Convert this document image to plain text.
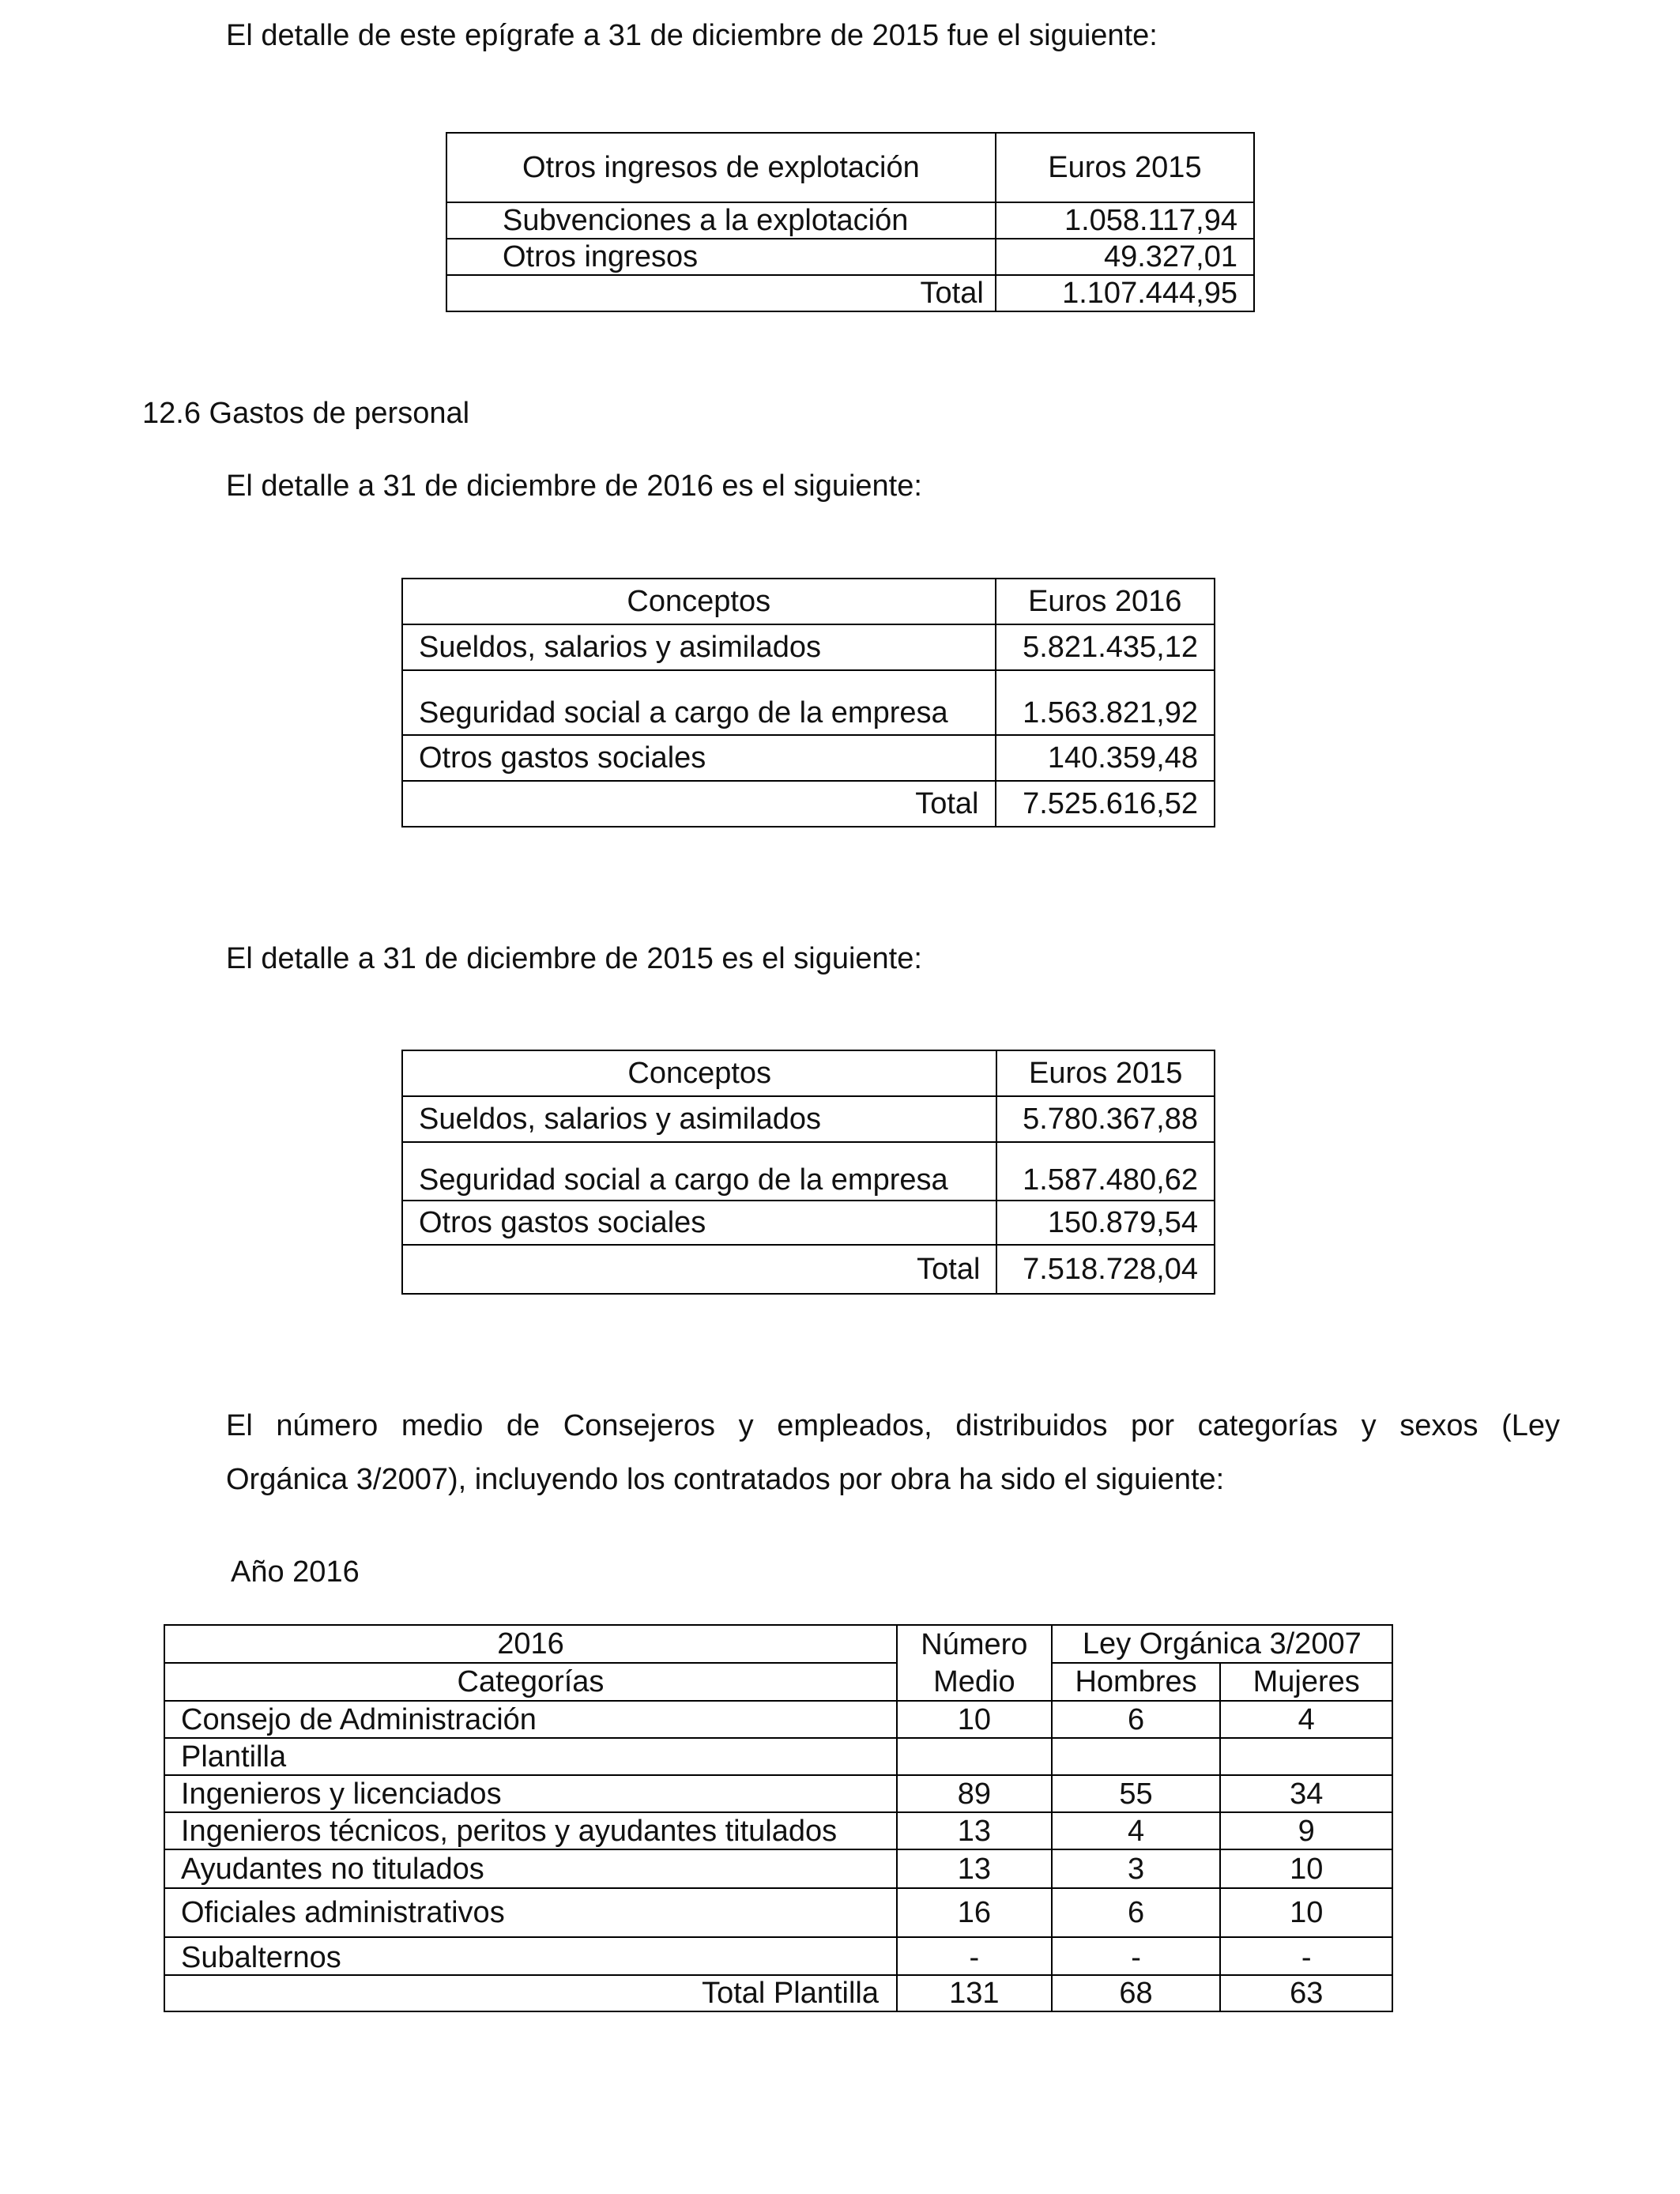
El detalle de este epígrafe a 31 de diciembre de 2015 fue el siguiente:
Otros ingresos de explotación	Euros 2015
Subvenciones a la explotación	1.058.117,94
Otros ingresos	49.327,01
Total	1.107.444,95
12.6 Gastos de personal
El detalle a 31 de diciembre de 2016 es el siguiente:
Conceptos	Euros 2016
Sueldos, salarios y asimilados	5.821.435,12
Seguridad social a cargo de la empresa	1.563.821,92
Otros gastos sociales	140.359,48
Total	7.525.616,52
El detalle a 31 de diciembre de 2015 es el siguiente:
Conceptos	Euros 2015
Sueldos, salarios y asimilados	5.780.367,88
Seguridad social a cargo de la empresa	1.587.480,62
Otros gastos sociales	150.879,54
Total	7.518.728,04
El número medio de Consejeros y empleados, distribuidos por categorías y sexos (Ley
Orgánica 3/2007), incluyendo los contratados por obra ha sido el siguiente:
Año 2016
2016	Número	Ley Orgánica 3/2007	
Categorías	Medio	Hombres	Mujeres
Consejo de Administración	10	6	4
Plantilla			
Ingenieros y licenciados	89	55	34
Ingenieros técnicos, peritos y ayudantes titulados	13	4	9
Ayudantes no titulados	13	3	10
Oficiales administrativos	16	6	10
Subalternos	-	-	-
Total Plantilla	131	68	63
